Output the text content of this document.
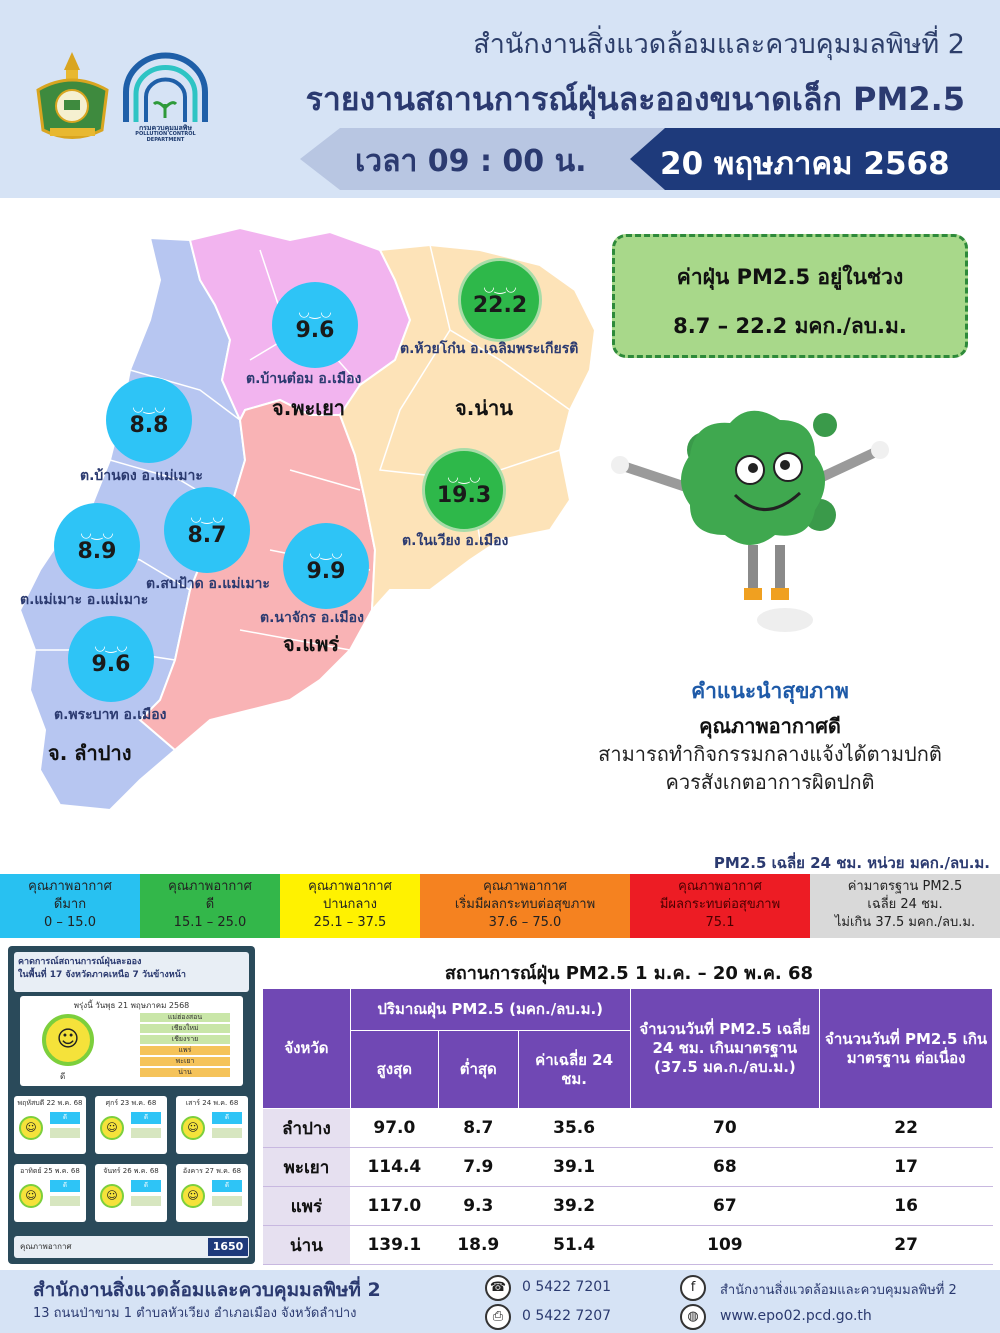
กรมควบคุมมลพิษ
POLLUTION CONTROL DEPARTMENT
สำนักงานสิ่งแวดล้อมและควบคุมมลพิษที่ 2
รายงานสถานการณ์ฝุ่นละอองขนาดเล็ก PM2.5
เวลา 09 : 00 น. 20 พฤษภาคม 2568
◡‿◡
9.6
ต.บ้านต๋อม อ.เมือง
◡‿◡
22.2
ต.ห้วยโก๋น อ.เฉลิมพระเกียรติ
◡‿◡
8.8
ต.บ้านดง อ.แม่เมาะ	◡‿◡
19.3
ต.ในเวียง อ.เมือง
◡‿◡
8.7
ต.สบป้าด อ.แม่เมาะ
◡‿◡
8.9
ต.แม่เมาะ อ.แม่เมาะ
◡‿◡
9.9
ต.นาจักร อ.เมือง
◡‿◡
9.6
ต.พระบาท อ.เมือง
จ.พะเยา	จ.น่าน
จ.แพร่
จ. ลำปาง
ค่าฝุ่น PM2.5 อยู่ในช่วง
8.7 – 22.2 มคก./ลบ.ม.
คำแนะนำสุขภาพ
คุณภาพอากาศดี
สามารถทำกิจกรรมกลางแจ้งได้ตามปกติ
ควรสังเกตอาการผิดปกติ
PM2.5 เฉลี่ย 24 ชม. หน่วย มคก./ลบ.ม.
คุณภาพอากาศ
ดีมาก
0 – 15.0
คุณภาพอากาศ
ดี
15.1 – 25.0
คุณภาพอากาศ
ปานกลาง
25.1 – 37.5
คุณภาพอากาศ
เริ่มมีผลกระทบต่อสุขภาพ
37.6 – 75.0
คุณภาพอากาศ
มีผลกระทบต่อสุขภาพ
75.1
ค่ามาตรฐาน PM2.5
เฉลี่ย 24 ชม.
ไม่เกิน 37.5 มคก./ลบ.ม.
คาดการณ์สถานการณ์ฝุ่นละออง
ในพื้นที่ 17 จังหวัดภาคเหนือ 7 วันข้างหน้า
พรุ่งนี้ วันพุธ 21 พฤษภาคม 2568
☺
ดี
แม่ฮ่องสอน
เชียงใหม่
เชียงราย
แพร่
พะเยา
น่าน
พฤหัสบดี 22 พ.ค. 68
☺
ดี
ศุกร์ 23 พ.ค. 68
☺
ดี
เสาร์ 24 พ.ค. 68
☺
ดี
อาทิตย์ 25 พ.ค. 68
☺
ดี
จันทร์ 26 พ.ค. 68
☺
ดี
อังคาร 27 พ.ค. 68
☺
ดี
คุณภาพอากาศ	1650
สถานการณ์ฝุ่น PM2.5 1 ม.ค. – 20 พ.ค. 68
จังหวัด	ปริมาณฝุ่น PM2.5 (มคก./ลบ.ม.)			จำนวนวันที่ PM2.5 เฉลี่ย 24 ชม. เกินมาตรฐาน (37.5 มค.ก./ลบ.ม.)	จำนวนวันที่ PM2.5 เกินมาตรฐาน ต่อเนื่อง
	สูงสุด	ต่ำสุด	ค่าเฉลี่ย 24 ชม.		
ลำปาง	97.0	8.7	35.6	70	22
พะเยา	114.4	7.9	39.1	68	17
แพร่	117.0	9.3	39.2	67	16
น่าน	139.1	18.9	51.4	109	27
สำนักงานสิ่งแวดล้อมและควบคุมมลพิษที่ 2
13 ถนนป่าขาม 1 ตำบลหัวเวียง อำเภอเมือง จังหวัดลำปาง
☎	0 5422 7201
⎙	0 5422 7207
f	สำนักงานสิ่งแวดล้อมและควบคุมมลพิษที่ 2
◍	www.epo02.pcd.go.th
